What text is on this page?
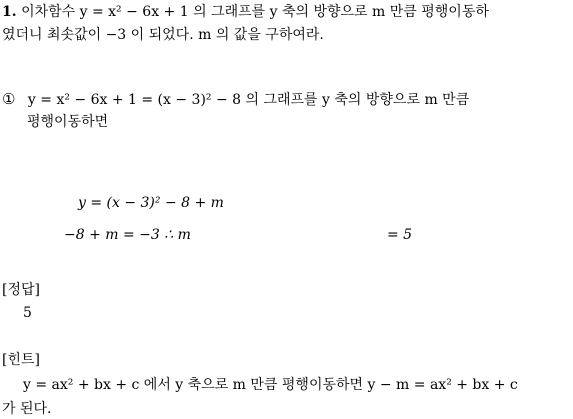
1. 이차함수 y = x² − 6x + 1 의 그래프를 y 축의 방향으로 m 만큼 평행이동하
였더니 최솟값이 −3 이 되었다. m 의 값을 구하여라.
① y = x² − 6x + 1 = (x − 3)² − 8 의 그래프를 y 축의 방향으로 m 만큼
평행이동하면
y = (x − 3)² − 8 + m
−8 + m = −3 ∴ m	= 5
[정답]
5
[힌트]
y = ax² + bx + c 에서 y 축으로 m 만큼 평행이동하면 y − m = ax² + bx + c
가 된다.
